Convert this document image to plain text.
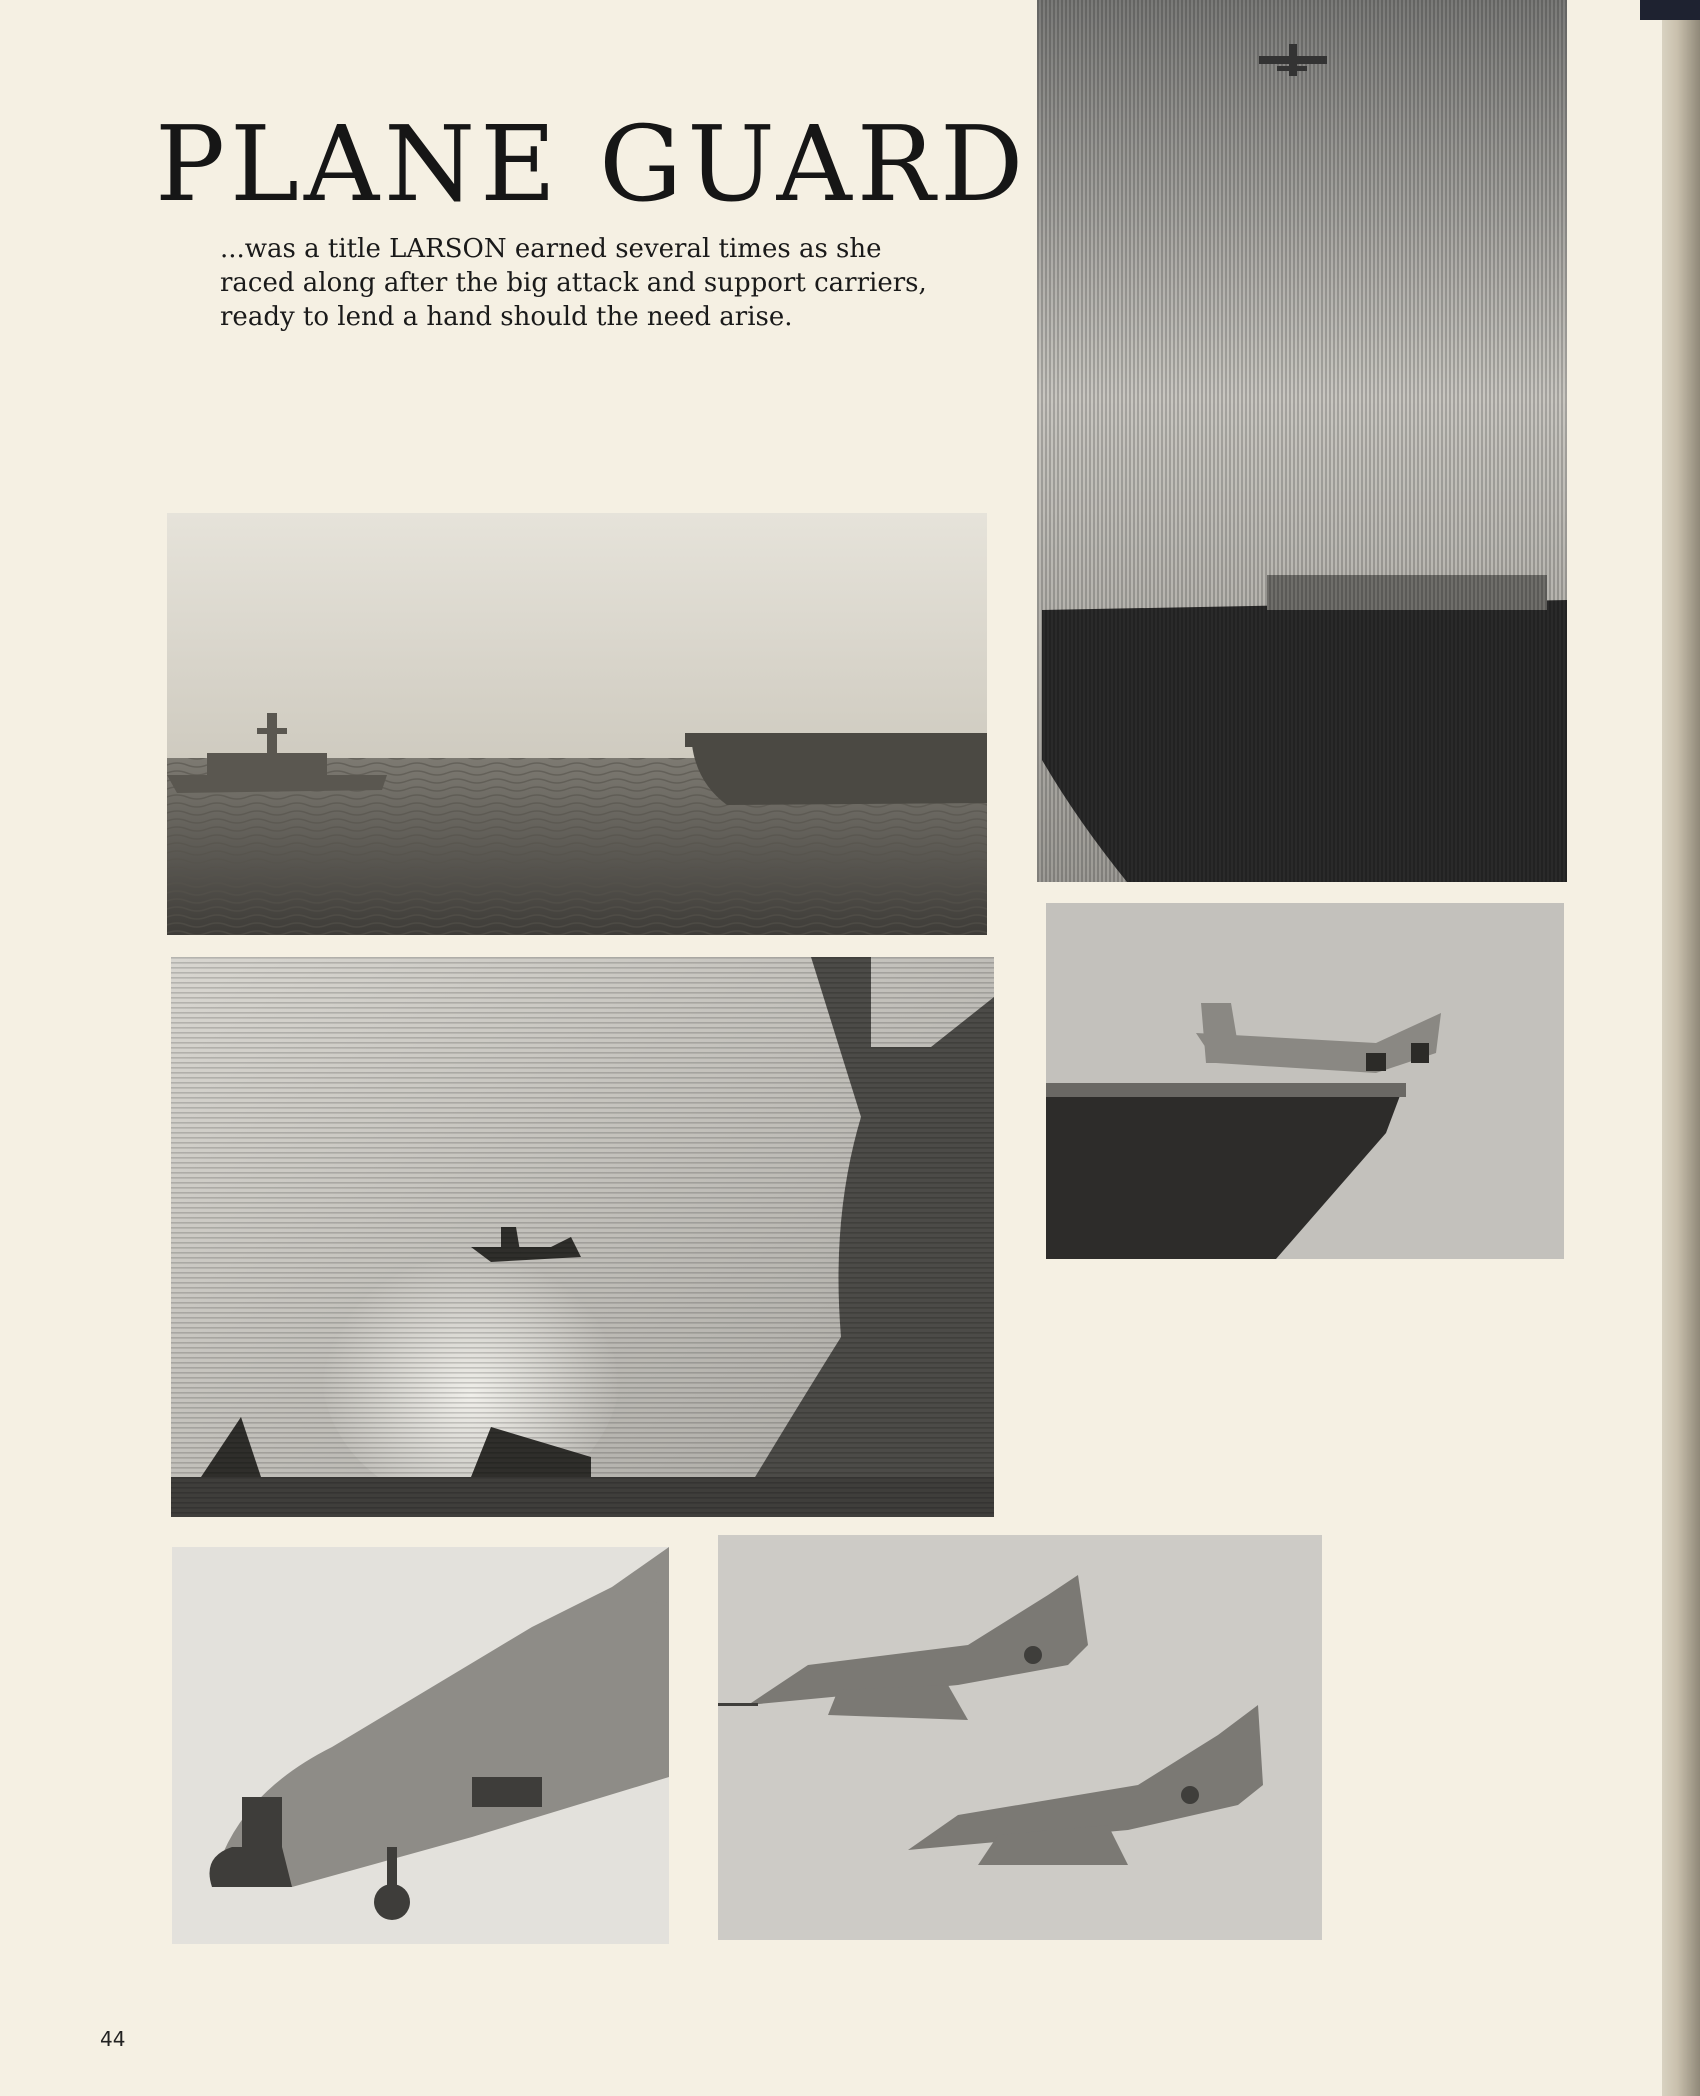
PLANE GUARD

...was a title LARSON earned several times as she raced along after the big attack and support carriers, ready to lend a hand should the need arise.

44
